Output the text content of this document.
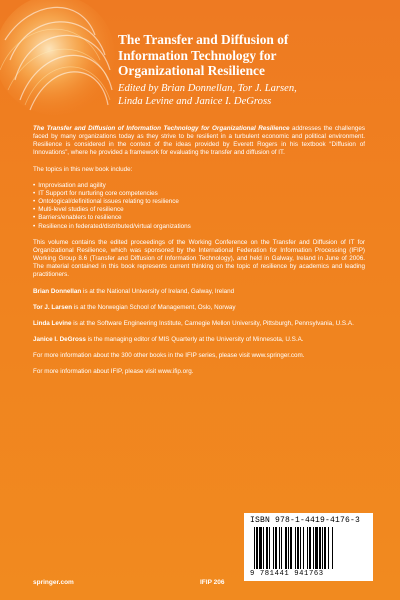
The Transfer and Diffusion of
Information Technology for
Organizational Resilience

Edited by Brian Donnellan, Tor J. Larsen,
Linda Levine and Janice I. DeGross

The Transfer and Diffusion of Information Technology for Organizational Resilience addresses the challenges faced by many organizations today as they strive to be resilient in a turbulent economic and political environment. Resilience is considered in the context of the ideas provided by Everett Rogers in his textbook “Diffusion of Innovations”, where he provided a framework for evaluating the transfer and diffusion of IT.

The topics in this new book include:

• Improvisation and agility
• IT Support for nurturing core competencies
• Ontological/definitional issues relating to resilience
• Multi-level studies of resilience
• Barriers/enablers to resilience
• Resilience in federated/distributed/virtual organizations

This volume contains the edited proceedings of the Working Conference on the Transfer and Diffusion of IT for Organizational Resilience, which was sponsored by the International Federation for Information Processing (IFIP) Working Group 8.6 (Transfer and Diffusion of Information Technology), and held in Galway, Ireland in June of 2006. The material contained in this book represents current thinking on the topic of resilience by academics and leading practitioners.

Brian Donnellan is at the National University of Ireland, Galway, Ireland

Tor J. Larsen is at the Norwegian School of Management, Oslo, Norway

Linda Levine is at the Software Engineering Institute, Carnegie Mellon University, Pittsburgh, Pennsylvania, U.S.A.

Janice I. DeGross is the managing editor of MIS Quarterly at the University of Minnesota, U.S.A.

For more information about the 300 other books in the IFIP series, please visit www.springer.com.

For more information about IFIP, please visit www.ifip.org.

ISBN 978-1-4419-4176-3
9 781441 941763
springer.com	IFIP 206
